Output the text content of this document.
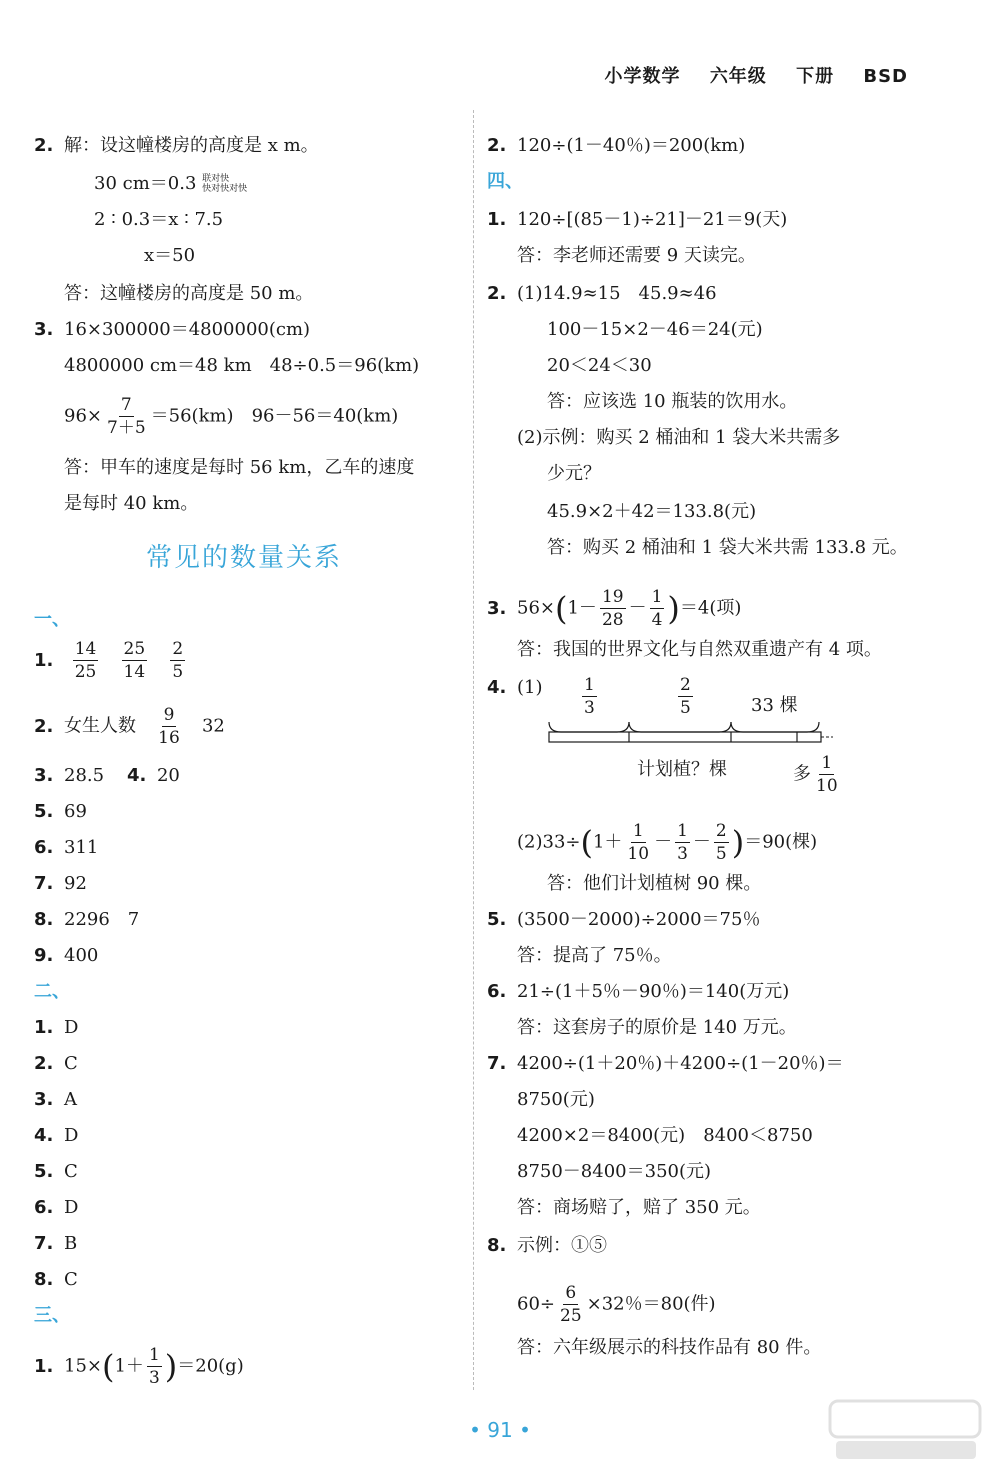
小学数学 六年级 下册 BSD
2. 解：设这幢楼房的高度是 x m。
30 cm＝0.3 联对快
快对快对快
2 ∶ 0.3＝x ∶ 7.5
x＝50
答：这幢楼房的高度是 50 m。
3. 16×300000＝4800000(cm)
4800000 cm＝48 km　48÷0.5＝96(km)
$96\times \frac{7}{7+5} =56(km)$　96－56＝40(km)
答：甲车的速度是每时 56 km，乙车的速度
是每时 40 km。
常见的数量关系
一、
1. $\frac{14}{25}$
$\frac{25}{14}$
$\frac{2}{5}$
2. 女生人数 $\frac{9}{16} 32$
3. 28.5 4. 20
5. 69
6. 311
7. 92
8. 2296　7
9. 400
二、
1. D
2. C
3. A
4. D
5. C
6. D
7. B
8. C
三、
1. $15\times(1+ \frac{1}{3} )=20(g)$
2. 120÷(1－40％)＝200(km)
四、
1. 120÷[(85－1)÷21]－21＝9(天)
答：李老师还需要 9 天读完。
2. (1)14.9≈15　45.9≈46
100－15×2－46＝24(元)
20＜24＜30
答：应该选 10 瓶装的饮用水。
(2)示例：购买 2 桶油和 1 袋大米共需多
少元？
45.9×2＋42＝133.8(元)
答：购买 2 桶油和 1 袋大米共需 133.8 元。
3. $56\times(1- \frac{19}{28} - \frac{1}{4} )=4$(项)
答：我国的世界文化与自然双重遗产有 4 项。
4. $(1) \frac{1}{3}$	$\frac{2}{5}$	33 棵
计划植？棵	多 $\frac{1}{10}$
$(2)33\div(1+ \frac{1}{10} - \frac{1}{3} - \frac{2}{5} )=90$(棵)
答：他们计划植树 90 棵。
5. (3500－2000)÷2000＝75％
答：提高了 75％。
6. 21÷(1＋5％－90％)＝140(万元)
答：这套房子的原价是 140 万元。
7. 4200÷(1＋20％)＋4200÷(1－20％)＝
8750(元)
4200×2＝8400(元)　8400＜8750
8750－8400＝350(元)
答：商场赔了，赔了 350 元。
8. 示例：①⑤
$60\div \frac{6}{25} \times 32$％＝80(件)
答：六年级展示的科技作品有 80 件。
• 91 •
